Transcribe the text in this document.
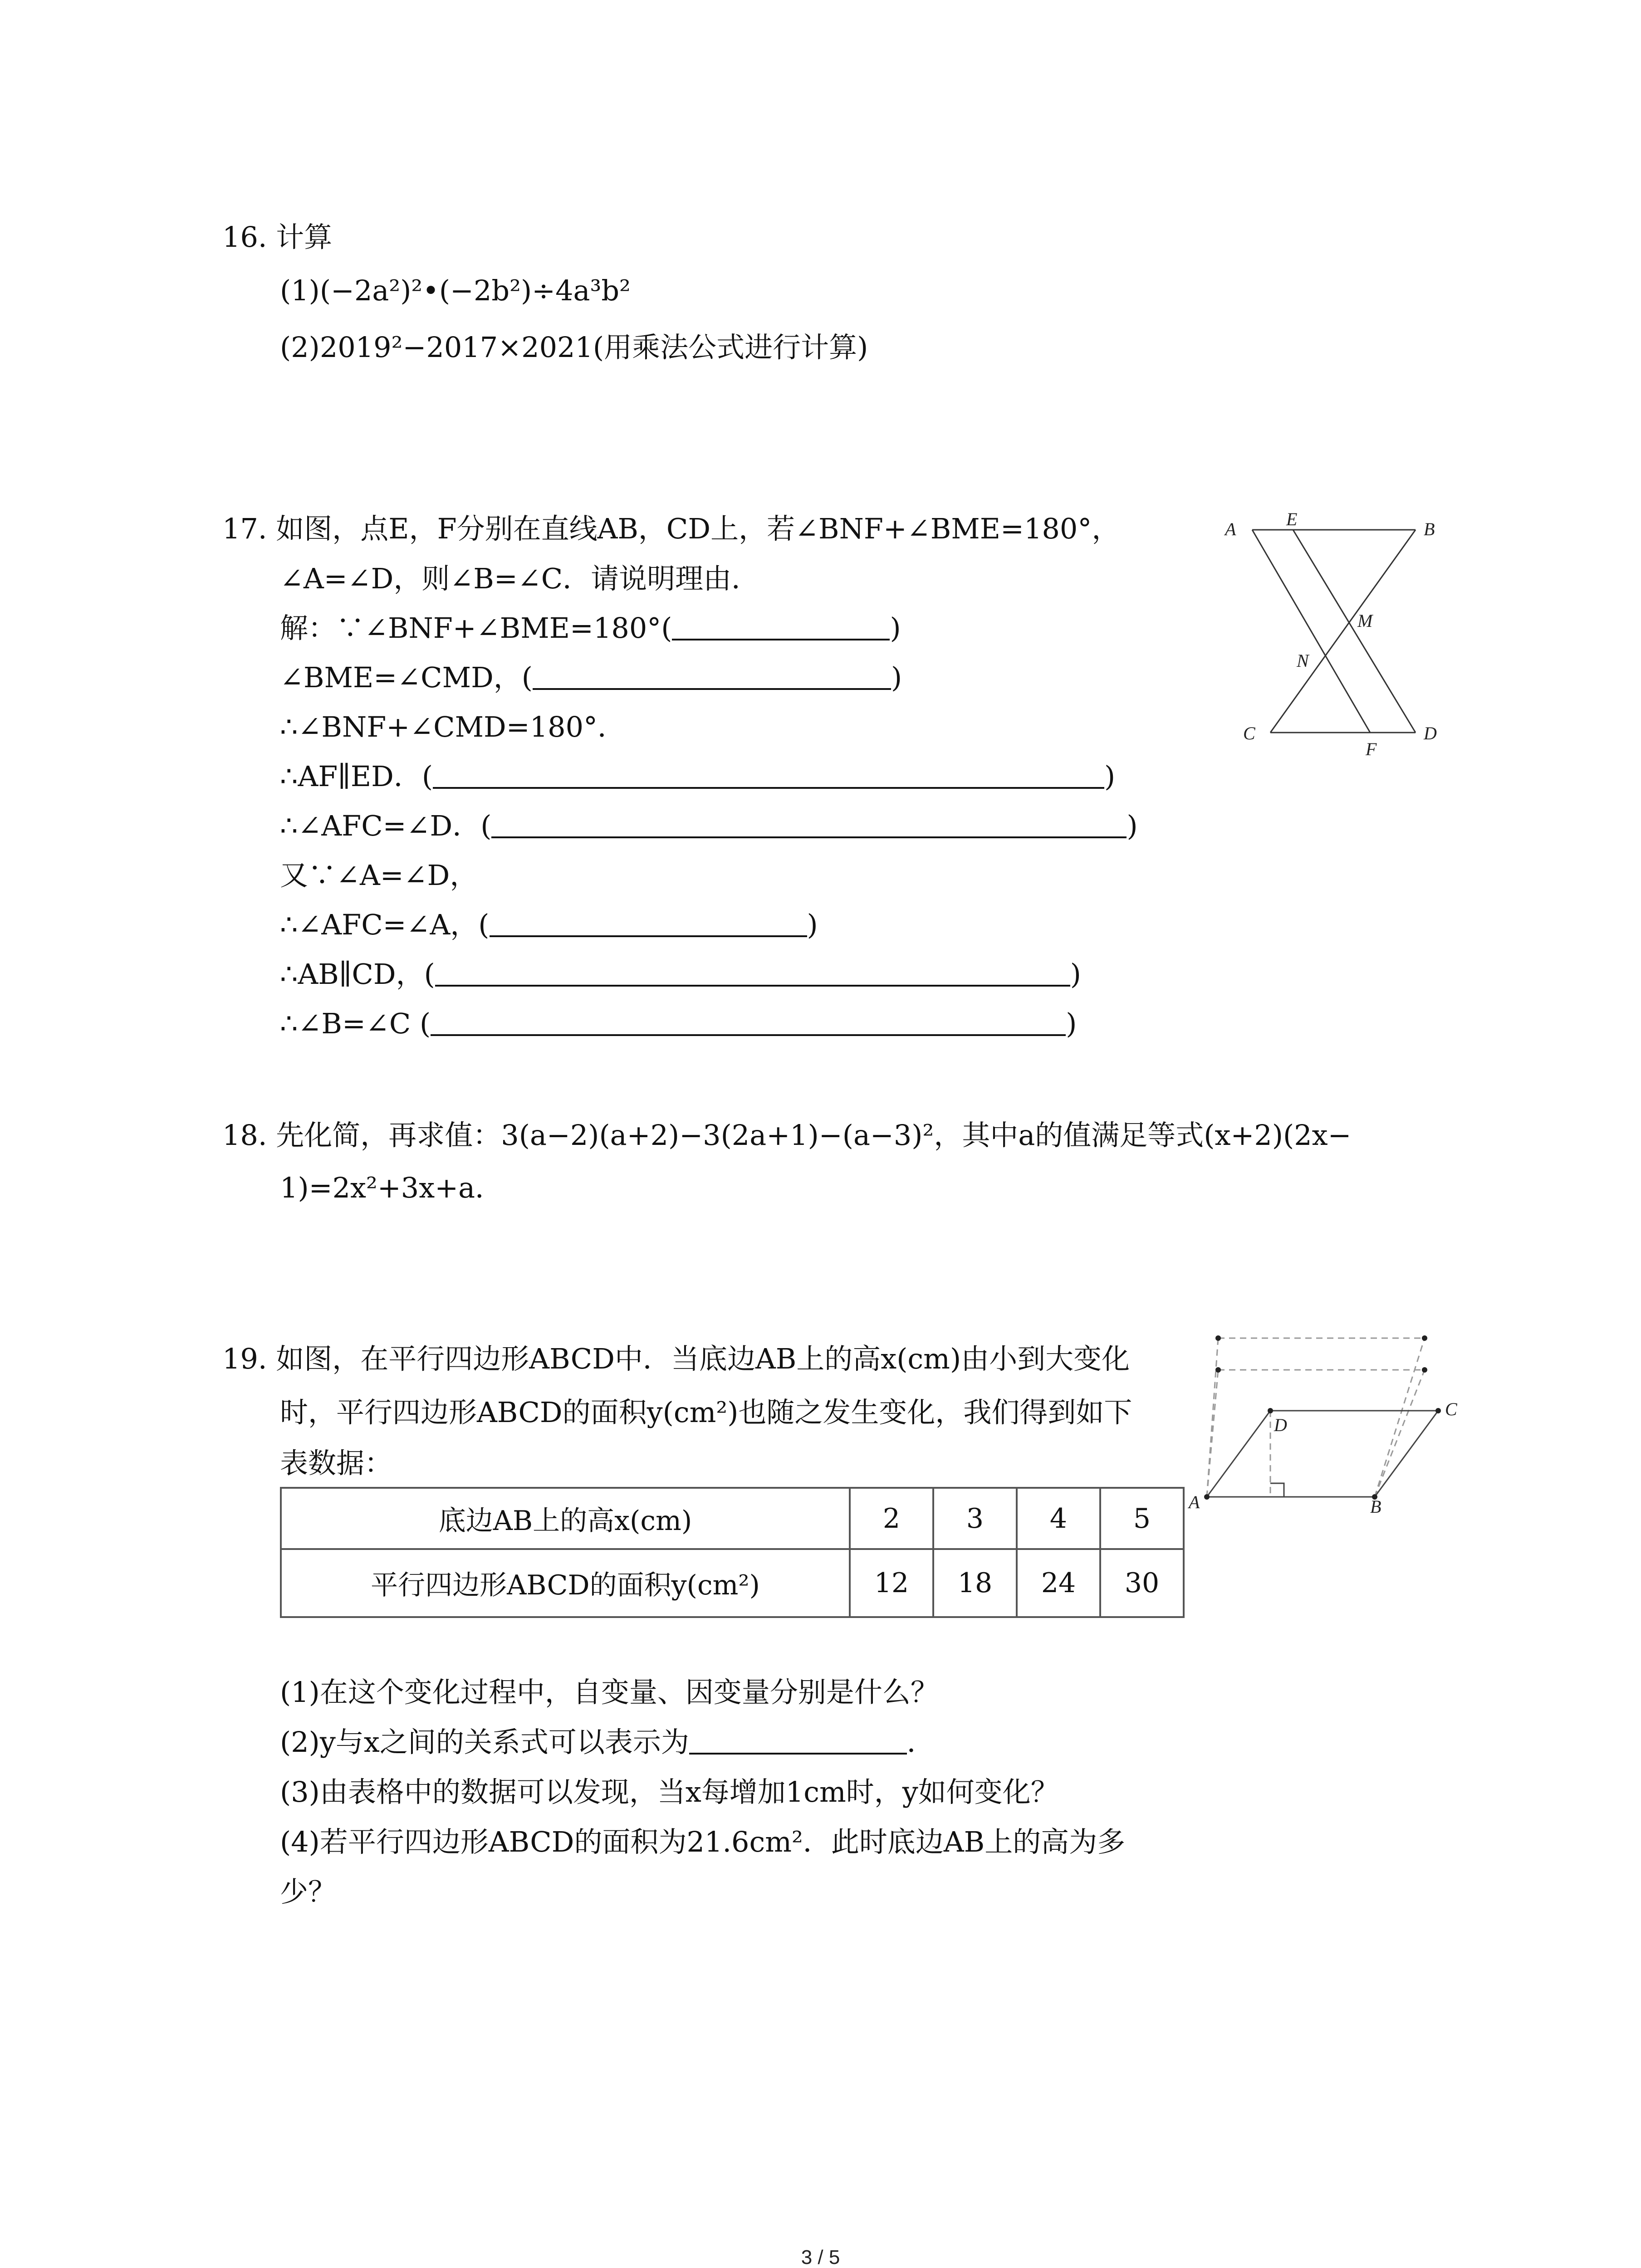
16. 计算
(1)(−2a²)²•(−2b²)÷4a³b²
(2)2019²−2017×2021(用乘法公式进行计算)
17. 如图，点E，F分别在直线AB，CD上，若∠BNF+∠BME=180°，
∠A=∠D，则∠B=∠C．请说明理由．
解：∵∠BNF+∠BME=180°(	)
∠BME=∠CMD，(	)
∴∠BNF+∠CMD=180°．
∴AF∥ED．(	)
∴∠AFC=∠D．(	)
又∵∠A=∠D，
∴∠AFC=∠A，(	)
∴AB∥CD，(	)
∴∠B=∠C (	)
A	E	B
M
N
C
F
D
18. 先化简，再求值：3(a−2)(a+2)−3(2a+1)−(a−3)²，其中a的值满足等式(x+2)(2x−
1)=2x²+3x+a．
19. 如图，在平行四边形ABCD中．当底边AB上的高x(cm)由小到大变化
时，平行四边形ABCD的面积y(cm²)也随之发生变化，我们得到如下
表数据：
底边AB上的高x(cm)	2	3	4	5
平行四边形ABCD的面积y(cm²)	12	18	24	30
(1)在这个变化过程中，自变量、因变量分别是什么？
(2)y与x之间的关系式可以表示为	．
(3)由表格中的数据可以发现，当x每增加1cm时，y如何变化？
(4)若平行四边形ABCD的面积为21.6cm²．此时底边AB上的高为多
少？
A	B
C
D
3 / 5
